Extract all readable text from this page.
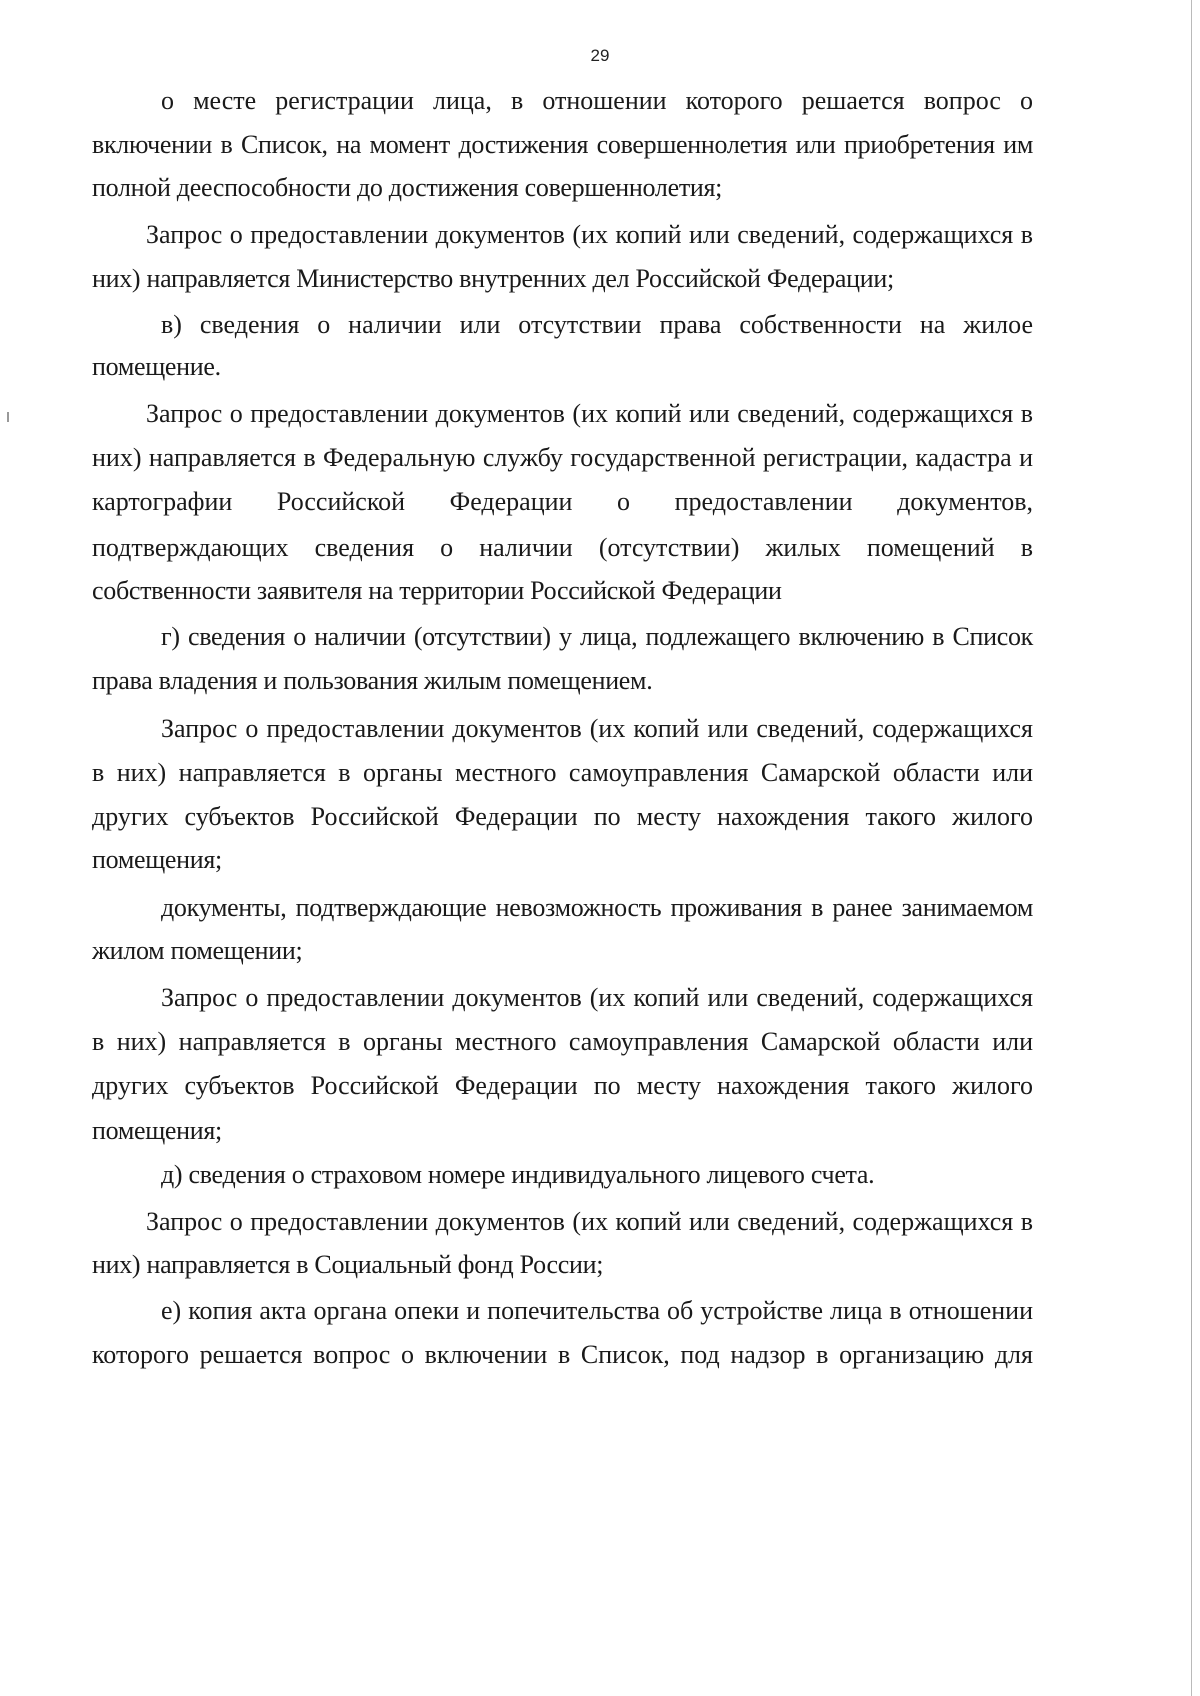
29

о месте регистрации лица, в отношении которого решается вопрос о

включении в Список, на момент достижения совершеннолетия или приобретения им

полной дееспособности до достижения совершеннолетия;

Запрос о предоставлении документов (их копий или сведений, содержащихся в

них) направляется Министерство внутренних дел Российской Федерации;

в) сведения о наличии или отсутствии права собственности на жилое

помещение.

Запрос о предоставлении документов (их копий или сведений, содержащихся в

них) направляется в Федеральную службу государственной регистрации, кадастра и

картографии Российской Федерации о предоставлении документов,

подтверждающих сведения о наличии (отсутствии) жилых помещений в

собственности заявителя на территории Российской Федерации

г) сведения о наличии (отсутствии) у лица, подлежащего включению в Список

права владения и пользования жилым помещением.

Запрос о предоставлении документов (их копий или сведений, содержащихся

в них) направляется в органы местного самоуправления Самарской области или

других субъектов Российской Федерации по месту нахождения такого жилого

помещения;

документы, подтверждающие невозможность проживания в ранее занимаемом

жилом помещении;

Запрос о предоставлении документов (их копий или сведений, содержащихся

в них) направляется в органы местного самоуправления Самарской области или

других субъектов Российской Федерации по месту нахождения такого жилого

помещения;

д) сведения о страховом номере индивидуального лицевого счета.

Запрос о предоставлении документов (их копий или сведений, содержащихся в

них) направляется в Социальный фонд России;

е) копия акта органа опеки и попечительства об устройстве лица в отношении

которого решается вопрос о включении в Список, под надзор в организацию для
